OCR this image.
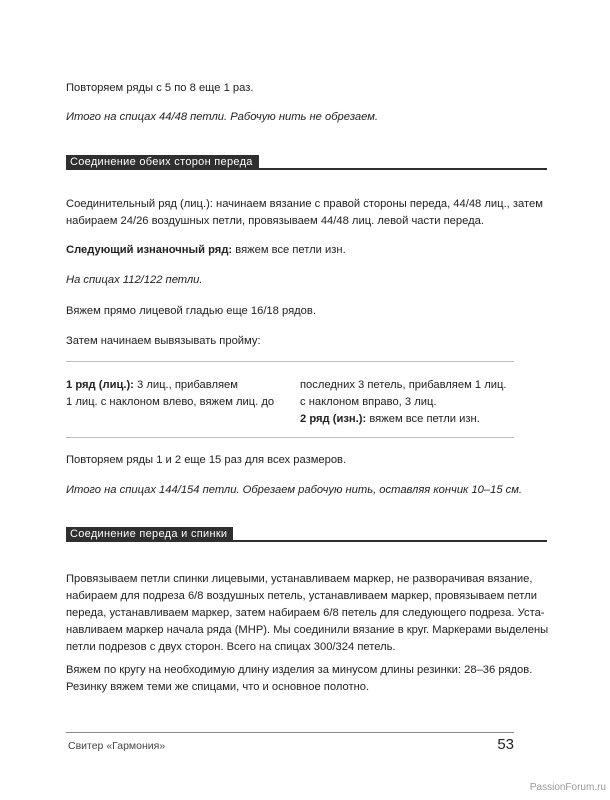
Повторяем ряды с 5 по 8 еще 1 раз.

Итого на спицах 44/48 петли. Рабочую нить не обрезаем.

Соединение обеих сторон переда

Соединительный ряд (лиц.): начинаем вязание с правой стороны переда, 44/48 лиц., затем
набираем 24/26 воздушных петли, провязываем 44/48 лиц. левой части переда.

Следующий изнаночный ряд: вяжем все петли изн.

На спицах 112/122 петли.

Вяжем прямо лицевой гладью еще 16/18 рядов.

Затем начинаем вывязывать пройму:

1 ряд (лиц.): 3 лиц., прибавляем
1 лиц. с наклоном влево, вяжем лиц. до
последних 3 петель, прибавляем 1 лиц.
с наклоном вправо, 3 лиц.
2 ряд (изн.): вяжем все петли изн.

Повторяем ряды 1 и 2 еще 15 раз для всех размеров.

Итого на спицах 144/154 петли. Обрезаем рабочую нить, оставляя кончик 10–15 см.

Соединение переда и спинки

Провязываем петли спинки лицевыми, устанавливаем маркер, не разворачивая вязание,
набираем для подреза 6/8 воздушных петель, устанавливаем маркер, провязываем петли
переда, устанавливаем маркер, затем набираем 6/8 петель для следующего подреза. Уста-
навливаем маркер начала ряда (МНР). Мы соединили вязание в круг. Маркерами выделены
петли подрезов с двух сторон. Всего на спицах 300/324 петель.

Вяжем по кругу на необходимую длину изделия за минусом длины резинки: 28–36 рядов.
Резинку вяжем теми же спицами, что и основное полотно.

Свитер «Гармония»	53
PassionForum.ru
